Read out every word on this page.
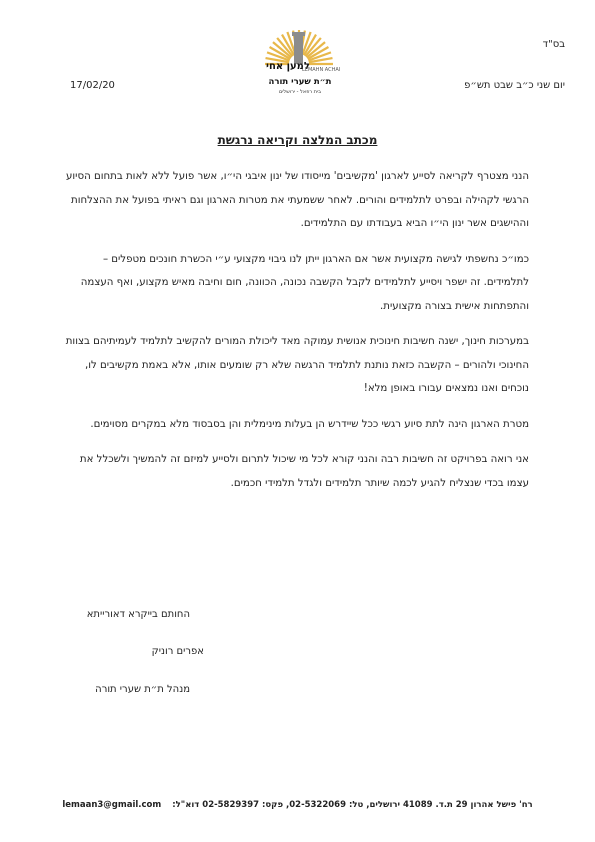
בס"ד
למען אחי
LEMAHN ACHAI
ת״ת שערי תורה
בית רפאל - ירושלים
יום שני כ״ב שבט תש״פ
17/02/20
מכתב המלצה וקריאה נרגשת

הנני מצטרף לקריאה לסייע לארגון 'מקשיבים' מייסודו של ינון איבגי הי״ו, אשר פועל ללא לאות בתחום הסיוע הרגשי לקהילה ובפרט לתלמידים והורים. לאחר ששמעתי את מטרות הארגון וגם ראיתי בפועל את ההצלחות וההישגים אשר ינון הי״ו הביא בעבודתו עם התלמידים.

כמו״כ נחשפתי לגישה מקצועית אשר אם הארגון ייתן לנו גיבוי מקצועי ע״י הכשרת חונכים מטפלים – לתלמידים. זה ישפר ויסייע לתלמידים לקבל הקשבה נכונה, הכוונה, חום וחיבה מאיש מקצוע, ואף העצמה והתפתחות אישית בצורה מקצועית.

במערכות חינוך, ישנה חשיבות חינוכית אנושית עמוקה מאד ליכולת המורים להקשיב לתלמיד לעמיתיהם בצוות החינוכי ולהורים – הקשבה כזאת נותנת לתלמיד הרגשה שלא רק שומעים אותו, אלא באמת מקשיבים לו, נוכחים ואנו נמצאים עבורו באופן מלא!

מטרת הארגון הינה לתת סיוע רגשי ככל שיידרש הן בעלות מינימלית והן בסבסוד מלא במקרים מסוימים.

אני רואה בפרויקט זה חשיבות רבה והנני קורא לכל מי שיכול לתרום ולסייע למיזם זה להמשיך ולשכלל את עצמו בכדי שנצליח להגיע לכמה שיותר תלמידים ולגדל תלמידי חכמים.

החותם בייקרא דאורייתא
אפרים רוניק
מנהל ת״ת שערי תורה
lemaan3@gmail.com רח' פישל אהרון 29 ת.ד. 41089 ירושלים, טל: 02-5322069, פקס: 02-5829397 דוא"ל:
